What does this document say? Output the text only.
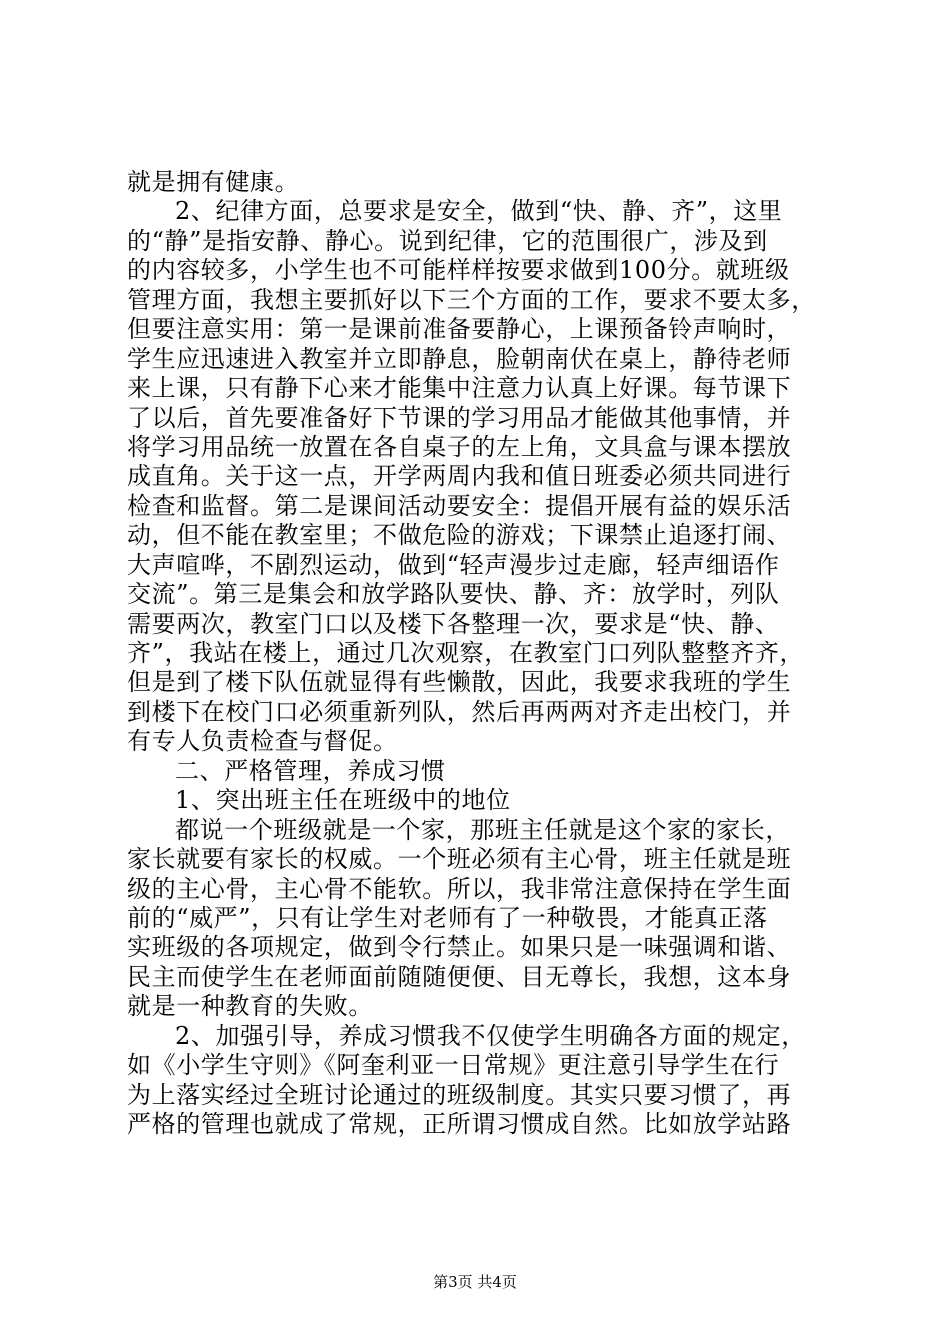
就是拥有健康。
2、纪律方面，总要求是安全，做到“快、静、齐”，这里
的“静”是指安静、静心。说到纪律，它的范围很广，涉及到
的内容较多，小学生也不可能样样按要求做到100分。就班级
管理方面，我想主要抓好以下三个方面的工作，要求不要太多，
但要注意实用：第一是课前准备要静心，上课预备铃声响时，
学生应迅速进入教室并立即静息，脸朝南伏在桌上，静待老师
来上课，只有静下心来才能集中注意力认真上好课。每节课下
了以后，首先要准备好下节课的学习用品才能做其他事情，并
将学习用品统一放置在各自桌子的左上角，文具盒与课本摆放
成直角。关于这一点，开学两周内我和值日班委必须共同进行
检查和监督。第二是课间活动要安全：提倡开展有益的娱乐活
动，但不能在教室里；不做危险的游戏；下课禁止追逐打闹、
大声喧哗，不剧烈运动，做到“轻声漫步过走廊，轻声细语作
交流”。第三是集会和放学路队要快、静、齐：放学时，列队
需要两次，教室门口以及楼下各整理一次，要求是“快、静、
齐”，我站在楼上，通过几次观察，在教室门口列队整整齐齐，
但是到了楼下队伍就显得有些懒散，因此，我要求我班的学生
到楼下在校门口必须重新列队，然后再两两对齐走出校门，并
有专人负责检查与督促。
二、严格管理，养成习惯
1、突出班主任在班级中的地位
都说一个班级就是一个家，那班主任就是这个家的家长，
家长就要有家长的权威。一个班必须有主心骨，班主任就是班
级的主心骨，主心骨不能软。所以，我非常注意保持在学生面
前的“威严”，只有让学生对老师有了一种敬畏，才能真正落
实班级的各项规定，做到令行禁止。如果只是一味强调和谐、
民主而使学生在老师面前随随便便、目无尊长，我想，这本身
就是一种教育的失败。
2、加强引导，养成习惯我不仅使学生明确各方面的规定，
如《小学生守则》《阿奎利亚一日常规》更注意引导学生在行
为上落实经过全班讨论通过的班级制度。其实只要习惯了，再
严格的管理也就成了常规，正所谓习惯成自然。比如放学站路
第3页 共4页
